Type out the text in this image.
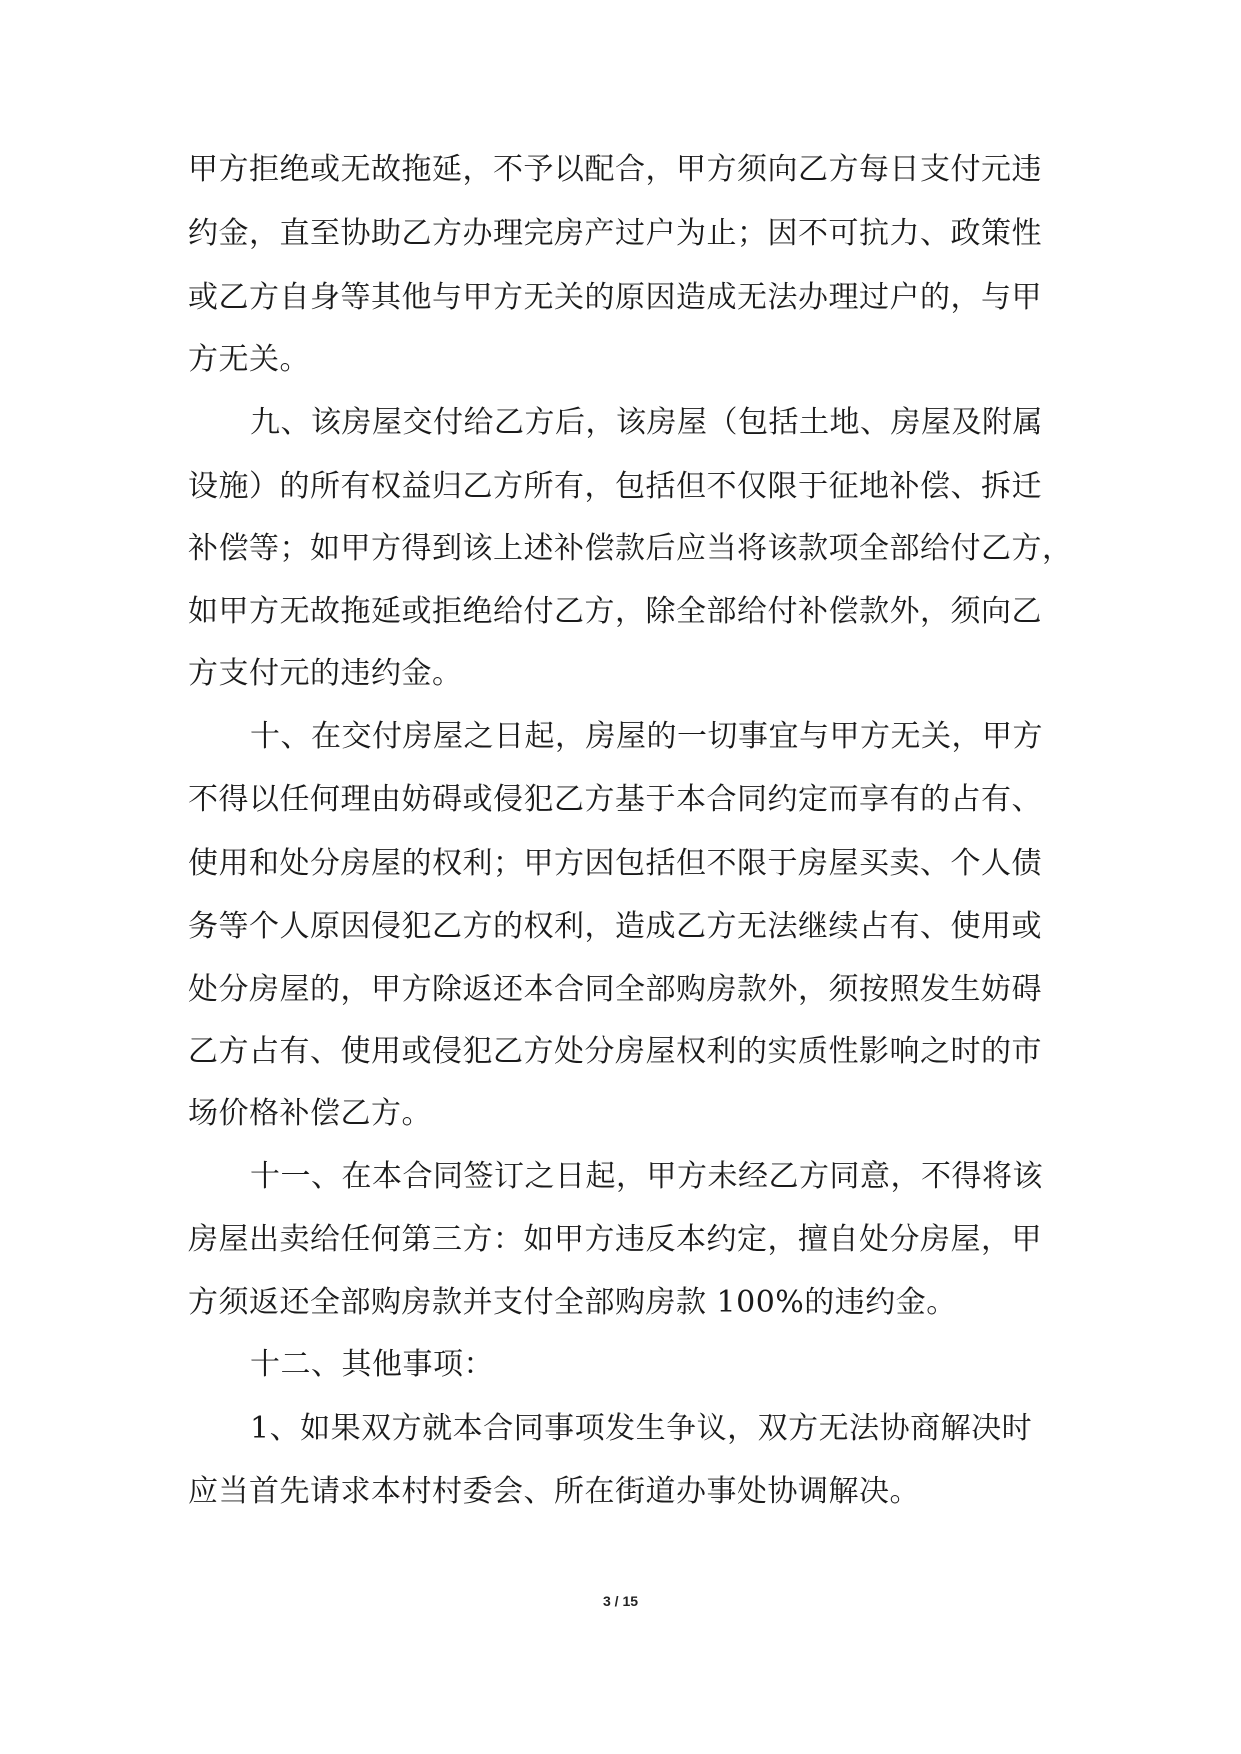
甲方拒绝或无故拖延，不予以配合，甲方须向乙方每日支付元违
约金，直至协助乙方办理完房产过户为止；因不可抗力、政策性
或乙方自身等其他与甲方无关的原因造成无法办理过户的，与甲
方无关。
九、该房屋交付给乙方后，该房屋（包括土地、房屋及附属
设施）的所有权益归乙方所有，包括但不仅限于征地补偿、拆迁
补偿等；如甲方得到该上述补偿款后应当将该款项全部给付乙方，
如甲方无故拖延或拒绝给付乙方，除全部给付补偿款外，须向乙
方支付元的违约金。
十、在交付房屋之日起，房屋的一切事宜与甲方无关，甲方
不得以任何理由妨碍或侵犯乙方基于本合同约定而享有的占有、
使用和处分房屋的权利；甲方因包括但不限于房屋买卖、个人债
务等个人原因侵犯乙方的权利，造成乙方无法继续占有、使用或
处分房屋的，甲方除返还本合同全部购房款外，须按照发生妨碍
乙方占有、使用或侵犯乙方处分房屋权利的实质性影响之时的市
场价格补偿乙方。
十一、在本合同签订之日起，甲方未经乙方同意，不得将该
房屋出卖给任何第三方：如甲方违反本约定，擅自处分房屋，甲
方须返还全部购房款并支付全部购房款 100%的违约金。
十二、其他事项：
1、如果双方就本合同事项发生争议，双方无法协商解决时
应当首先请求本村村委会、所在街道办事处协调解决。
3 / 15
